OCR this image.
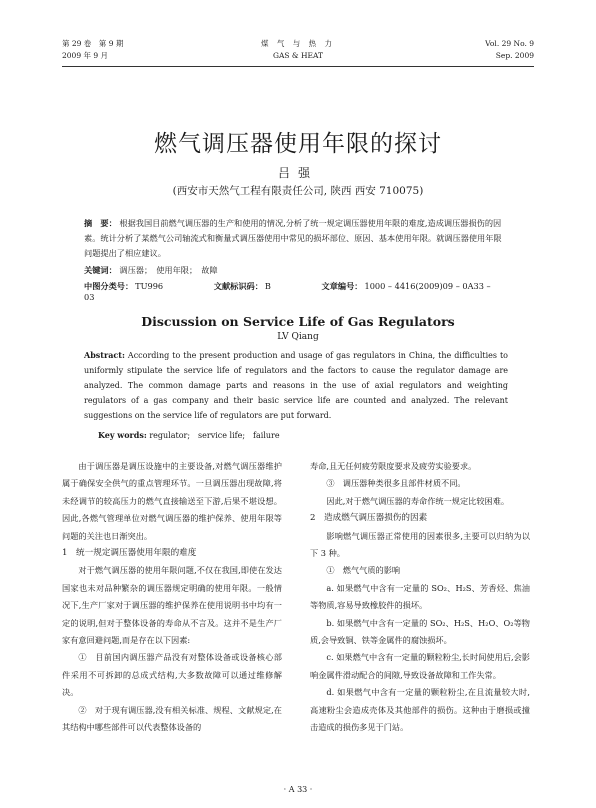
第 29 卷　第 9 期
2009 年 9 月
煤 气 与 热 力
GAS & HEAT
Vol. 29 No. 9
Sep. 2009
燃气调压器使用年限的探讨
吕强
(西安市天然气工程有限责任公司, 陕西 西安 710075)
摘　要： 根据我国目前燃气调压器的生产和使用的情况,分析了统一规定调压器使用年限的难度,造成调压器损伤的因素。统计分析了某燃气公司轴流式和衡量式调压器使用中常见的损坏部位、原因、基本使用年限。就调压器使用年限问题提出了相应建议。
关键词： 调压器；　使用年限；　故障
中图分类号： TU996	文献标识码： B	文章编号： 1000 – 4416(2009)09 – 0A33 – 03
Discussion on Service Life of Gas Regulators
LV Qiang
Abstract: According to the present production and usage of gas regulators in China, the difficulties to uniformly stipulate the service life of regulators and the factors to cause the regulator damage are analyzed. The common damage parts and reasons in the use of axial regulators and weighting regulators of a gas company and their basic service life are counted and analyzed. The relevant suggestions on the service life of regulators are put forward.
Key words: regulator;　service life;　failure

由于调压器是调压设施中的主要设备,对燃气调压器维护属于确保安全供气的重点管理环节。一旦调压器出现故障,将未经调节的较高压力的燃气直接输送至下游,后果不堪设想。因此,各燃气管理单位对燃气调压器的维护保养、使用年限等问题的关注也日渐突出。

1　统一规定调压器使用年限的难度

对于燃气调压器的使用年限问题,不仅在我国,即使在发达国家也未对品种繁杂的调压器规定明确的使用年限。一般情况下,生产厂家对于调压器的维护保养在使用说明书中均有一定的说明,但对于整体设备的寿命从不言及。这并不是生产厂家有意回避问题,而是存在以下因素:

①　目前国内调压器产品没有对整体设备或设备核心部件采用不可拆卸的总成式结构,大多数故障可以通过维修解决。

②　对于现有调压器,没有相关标准、规程、文献规定,在其结构中哪些部件可以代表整体设备的

寿命,且无任何疲劳限度要求及疲劳实验要求。

③　调压器种类很多且部件材质不同。

因此,对于燃气调压器的寿命作统一规定比较困难。

2　造成燃气调压器损伤的因素

影响燃气调压器正常使用的因素很多,主要可以归纳为以下 3 种。

①　燃气气质的影响

a. 如果燃气中含有一定量的 SO₂、H₂S、芳香烃、焦油等物质,容易导致橡胶件的损坏。

b. 如果燃气中含有一定量的 SO₂、H₂S、H₂O、O₂等物质,会导致铜、铁等金属件的腐蚀损坏。

c. 如果燃气中含有一定量的颗粒粉尘,长时间使用后,会影响金属件滑动配合的间隙,导致设备故障和工作失常。

d. 如果燃气中含有一定量的颗粒粉尘,在且流量较大时,高速粉尘会造成壳体及其他部件的损伤。这种由于磨损或撞击造成的损伤多见于门站。

· A 33 ·
